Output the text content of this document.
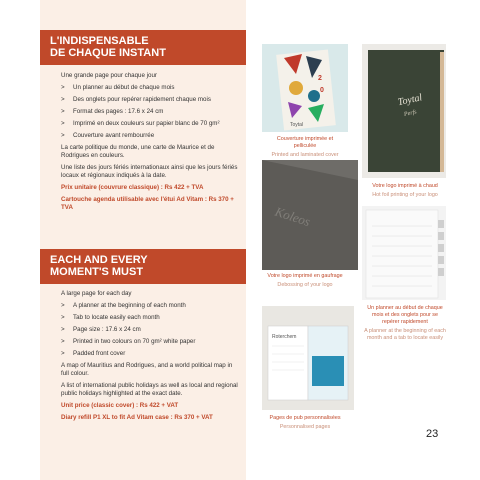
L'INDISPENSABLE
DE CHAQUE INSTANT

Une grande page pour chaque jour

> Un planner au début de chaque mois
> Des onglets pour repérer rapidement chaque mois
> Format des pages : 17.6 x 24 cm
> Imprimé en deux couleurs sur papier blanc de 70 gm²
> Couverture avant rembourrée

La carte politique du monde, une carte de Maurice et de Rodrigues en couleurs.

Une liste des jours fériés internationaux ainsi que les jours fériés locaux et régionaux indiqués à la date.

Prix unitaire (couvrure classique) : Rs 422 + TVA

Cartouche agenda utilisable avec l'étui Ad Vitam : Rs 370 + TVA

EACH AND EVERY
MOMENT'S MUST

A large page for each day

> A planner at the beginning of each month
> Tab to locate easily each month
> Page size : 17.6 x 24 cm
> Printed in two colours on 70 gm² white paper
> Padded front cover

A map of Mauritius and Rodrigues, and a world political map in full colour.

A list of international public holidays as well as local and regional public holidays highlighted at the exact date.

Unit price (classic cover) : Rs 422 + VAT

Diary refill P1 XL to fit Ad Vitam case : Rs 370 + VAT

2
0
Toytal
Couverture imprimée et pelliculée
Printed and laminated cover
Toytal
Perfs
Votre logo imprimé à chaud
Hot foil printing of your logo
Koleos
Votre logo imprimé en gaufrage
Debossing of your logo
Un planner au début de chaque mois et des onglets pour se repérer rapidement
A planner at the beginning of each month and a tab to locate easily
Roterchem
Pages de pub personnalisées
Personnalised pages
23
